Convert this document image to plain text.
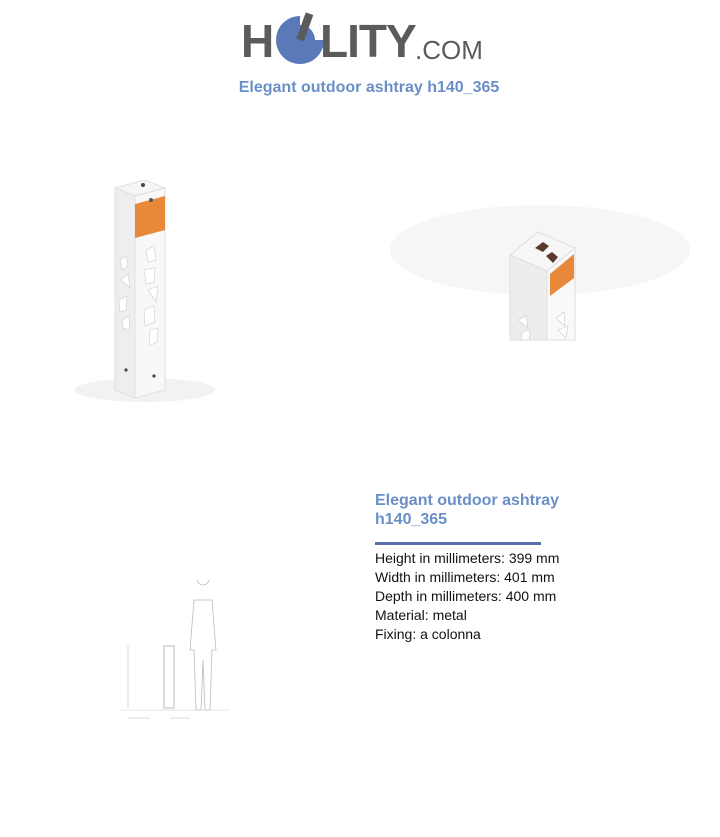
H LITY .COM
Elegant outdoor ashtray h140_365

Elegant outdoor ashtray

h140_365

Height in millimeters: 399 mm

Width in millimeters: 401 mm

Depth in millimeters: 400 mm

Material: metal

Fixing: a colonna
